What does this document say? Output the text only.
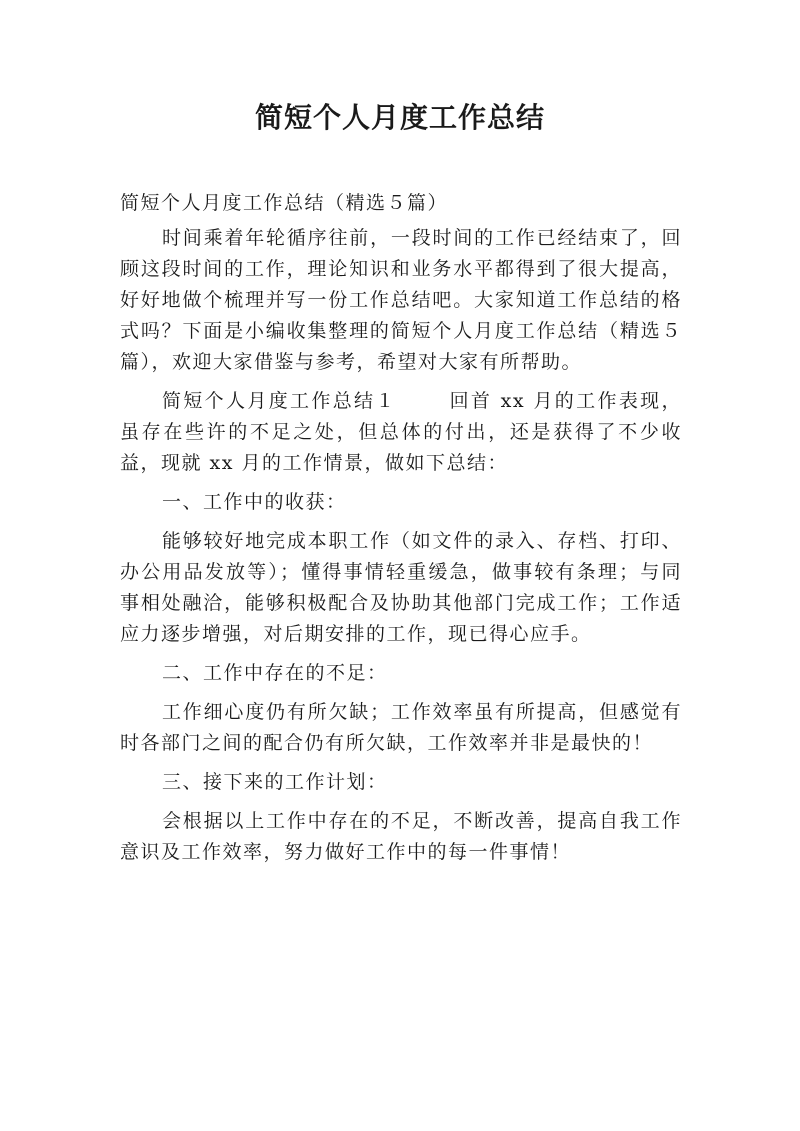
简短个人月度工作总结

简短个人月度工作总结（精选５篇）

时间乘着年轮循序往前，一段时间的工作已经结束了，回顾这段时间的工作，理论知识和业务水平都得到了很大提高，好好地做个梳理并写一份工作总结吧。大家知道工作总结的格式吗？下面是小编收集整理的简短个人月度工作总结（精选５篇），欢迎大家借鉴与参考，希望对大家有所帮助。

简短个人月度工作总结１	回首 xx 月的工作表现，虽存在些许的不足之处，但总体的付出，还是获得了不少收益，现就 xx 月的工作情景，做如下总结：

一、工作中的收获：

能够较好地完成本职工作（如文件的录入、存档、打印、办公用品发放等）；懂得事情轻重缓急，做事较有条理；与同事相处融洽，能够积极配合及协助其他部门完成工作；工作适应力逐步增强，对后期安排的工作，现已得心应手。

二、工作中存在的不足：

工作细心度仍有所欠缺；工作效率虽有所提高，但感觉有时各部门之间的配合仍有所欠缺，工作效率并非是最快的！

三、接下来的工作计划：

会根据以上工作中存在的不足，不断改善，提高自我工作意识及工作效率，努力做好工作中的每一件事情！
